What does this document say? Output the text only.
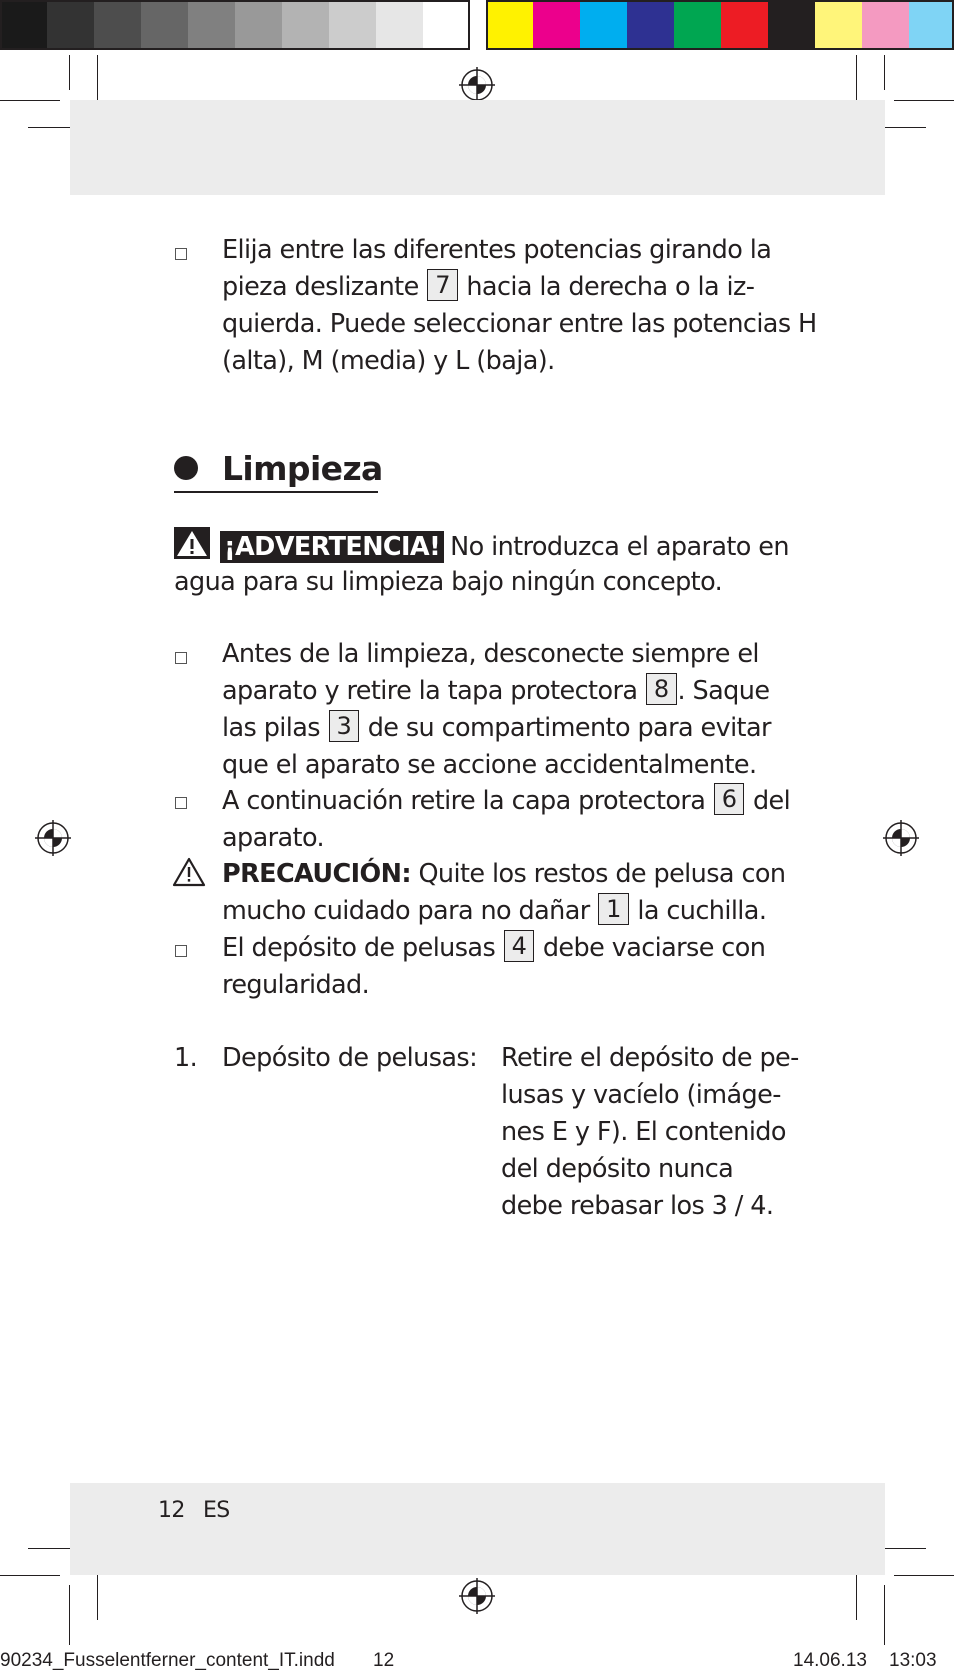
Elija entre las diferentes potencias girando la
pieza deslizante 7 hacia la derecha o la iz-
quierda. Puede seleccionar entre las potencias H
(alta), M (media) y L (baja).
Limpieza
¡ADVERTENCIA! No introduzca el aparato en
agua para su limpieza bajo ningún concepto.
Antes de la limpieza, desconecte siempre el
aparato y retire la tapa protectora 8 . Saque
las pilas 3 de su compartimento para evitar
que el aparato se accione accidentalmente.
A continuación retire la capa protectora 6 del
aparato.
PRECAUCIÓN: Quite los restos de pelusa con
mucho cuidado para no dañar 1 la cuchilla.
El depósito de pelusas 4 debe vaciarse con
regularidad.
1. Depósito de pelusas: Retire el depósito de pe-
lusas y vacíelo (imáge-
nes E y F). El contenido
del depósito nunca
debe rebasar los 3 / 4.
12 ES
90234_Fusselentferner_content_IT.indd 12	14.06.13 13:03
